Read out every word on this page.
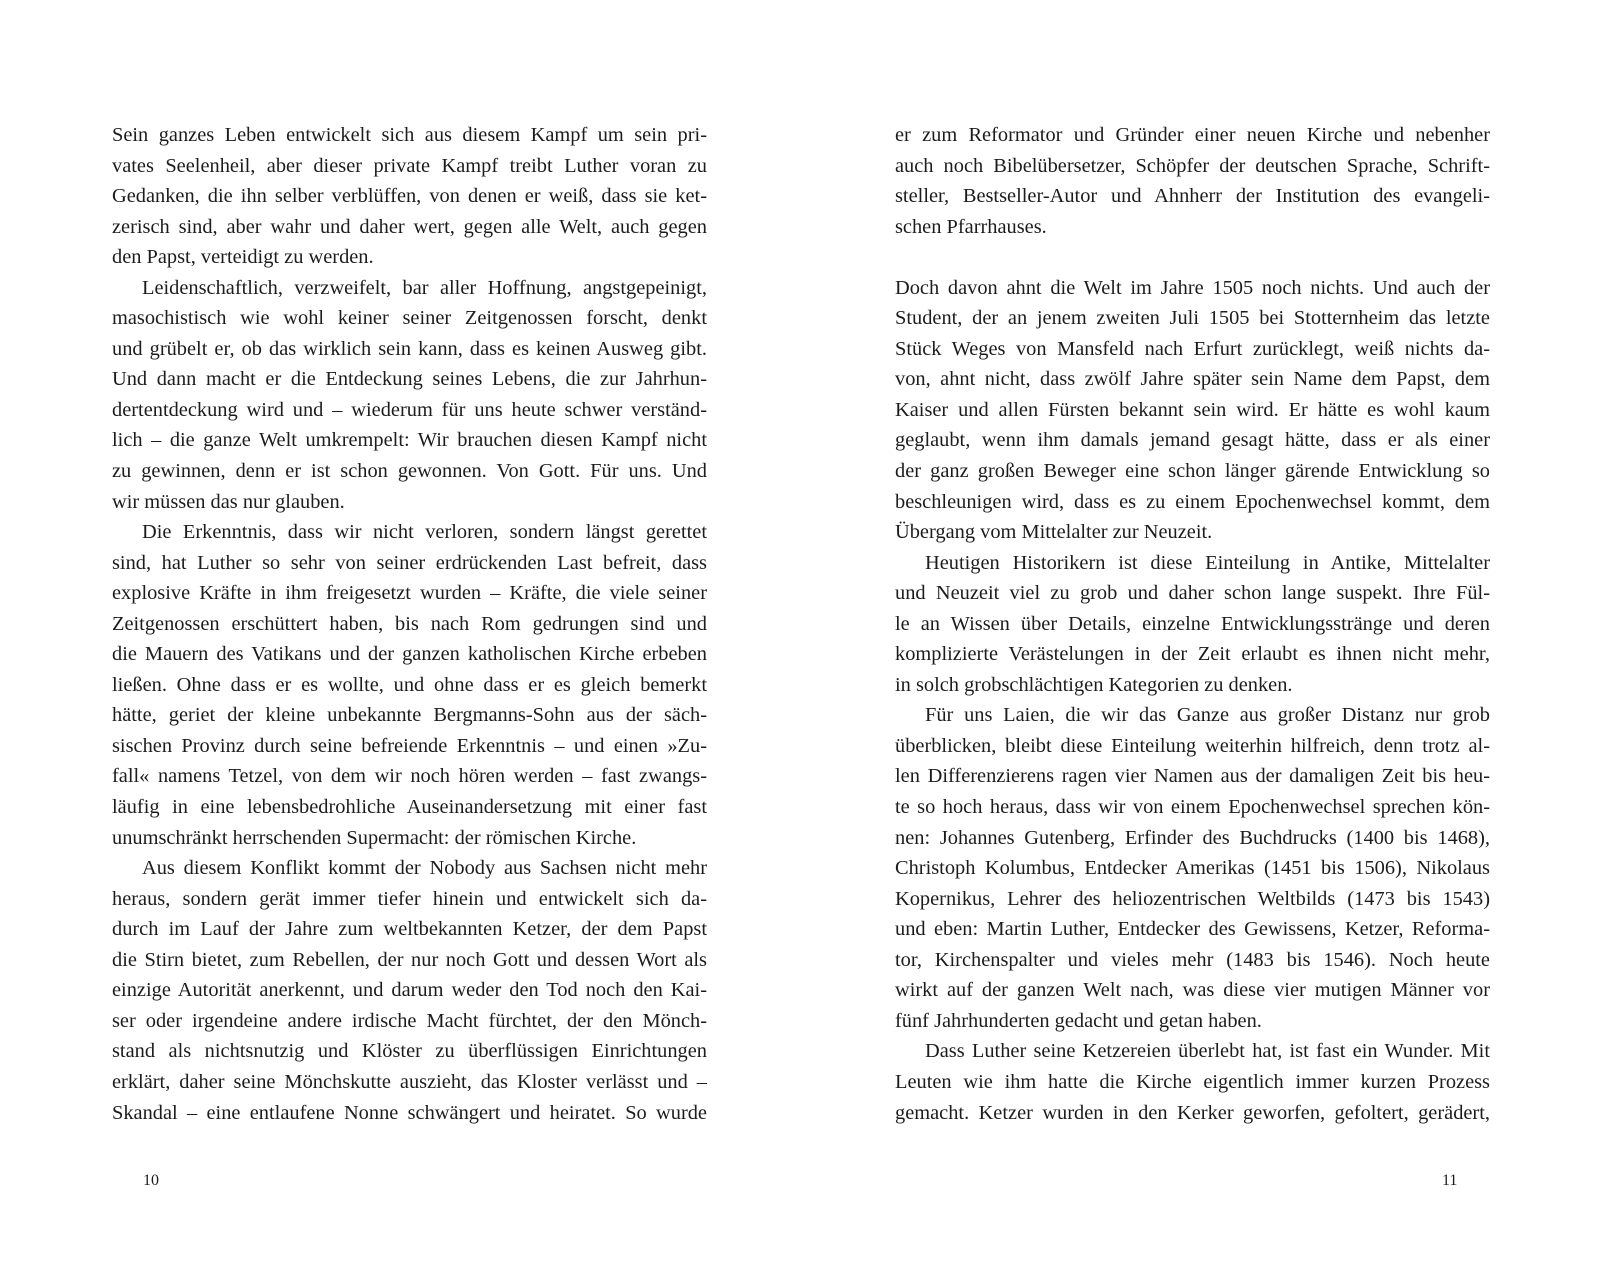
Sein ganzes Leben entwickelt sich aus diesem Kampf um sein pri-
vates Seelenheil, aber dieser private Kampf treibt Luther voran zu
Gedanken, die ihn selber verblüffen, von denen er weiß, dass sie ket-
zerisch sind, aber wahr und daher wert, gegen alle Welt, auch gegen
den Papst, verteidigt zu werden.
Leidenschaftlich, verzweifelt, bar aller Hoffnung, angstgepeinigt,
masochistisch wie wohl keiner seiner Zeitgenossen forscht, denkt
und grübelt er, ob das wirklich sein kann, dass es keinen Ausweg gibt.
Und dann macht er die Entdeckung seines Lebens, die zur Jahrhun-
dertentdeckung wird und – wiederum für uns heute schwer verständ-
lich – die ganze Welt umkrempelt: Wir brauchen diesen Kampf nicht
zu gewinnen, denn er ist schon gewonnen. Von Gott. Für uns. Und
wir müssen das nur glauben.
Die Erkenntnis, dass wir nicht verloren, sondern längst gerettet
sind, hat Luther so sehr von seiner erdrückenden Last befreit, dass
explosive Kräfte in ihm freigesetzt wurden – Kräfte, die viele seiner
Zeitgenossen erschüttert haben, bis nach Rom gedrungen sind und
die Mauern des Vatikans und der ganzen katholischen Kirche erbeben
ließen. Ohne dass er es wollte, und ohne dass er es gleich bemerkt
hätte, geriet der kleine unbekannte Bergmanns-Sohn aus der säch-
sischen Provinz durch seine befreiende Erkenntnis – und einen »Zu-
fall« namens Tetzel, von dem wir noch hören werden – fast zwangs-
läufig in eine lebensbedrohliche Auseinandersetzung mit einer fast
unumschränkt herrschenden Supermacht: der römischen Kirche.
Aus diesem Konflikt kommt der Nobody aus Sachsen nicht mehr
heraus, sondern gerät immer tiefer hinein und entwickelt sich da-
durch im Lauf der Jahre zum weltbekannten Ketzer, der dem Papst
die Stirn bietet, zum Rebellen, der nur noch Gott und dessen Wort als
einzige Autorität anerkennt, und darum weder den Tod noch den Kai-
ser oder irgendeine andere irdische Macht fürchtet, der den Mönch-
stand als nichtsnutzig und Klöster zu überflüssigen Einrichtungen
erklärt, daher seine Mönchskutte auszieht, das Kloster verlässt und –
Skandal – eine entlaufene Nonne schwängert und heiratet. So wurde
10
er zum Reformator und Gründer einer neuen Kirche und nebenher
auch noch Bibelübersetzer, Schöpfer der deutschen Sprache, Schrift-
steller, Bestseller-Autor und Ahnherr der Institution des evangeli-
schen Pfarrhauses.
Doch davon ahnt die Welt im Jahre 1505 noch nichts. Und auch der
Student, der an jenem zweiten Juli 1505 bei Stotternheim das letzte
Stück Weges von Mansfeld nach Erfurt zurücklegt, weiß nichts da-
von, ahnt nicht, dass zwölf Jahre später sein Name dem Papst, dem
Kaiser und allen Fürsten bekannt sein wird. Er hätte es wohl kaum
geglaubt, wenn ihm damals jemand gesagt hätte, dass er als einer
der ganz großen Beweger eine schon länger gärende Entwicklung so
beschleunigen wird, dass es zu einem Epochenwechsel kommt, dem
Übergang vom Mittelalter zur Neuzeit.
Heutigen Historikern ist diese Einteilung in Antike, Mittelalter
und Neuzeit viel zu grob und daher schon lange suspekt. Ihre Fül-
le an Wissen über Details, einzelne Entwicklungsstränge und deren
komplizierte Verästelungen in der Zeit erlaubt es ihnen nicht mehr,
in solch grobschlächtigen Kategorien zu denken.
Für uns Laien, die wir das Ganze aus großer Distanz nur grob
überblicken, bleibt diese Einteilung weiterhin hilfreich, denn trotz al-
len Differenzierens ragen vier Namen aus der damaligen Zeit bis heu-
te so hoch heraus, dass wir von einem Epochenwechsel sprechen kön-
nen: Johannes Gutenberg, Erfinder des Buchdrucks (1400 bis 1468),
Christoph Kolumbus, Entdecker Amerikas (1451 bis 1506), Nikolaus
Kopernikus, Lehrer des heliozentrischen Weltbilds (1473 bis 1543)
und eben: Martin Luther, Entdecker des Gewissens, Ketzer, Reforma-
tor, Kirchenspalter und vieles mehr (1483 bis 1546). Noch heute
wirkt auf der ganzen Welt nach, was diese vier mutigen Männer vor
fünf Jahrhunderten gedacht und getan haben.
Dass Luther seine Ketzereien überlebt hat, ist fast ein Wunder. Mit
Leuten wie ihm hatte die Kirche eigentlich immer kurzen Prozess
gemacht. Ketzer wurden in den Kerker geworfen, gefoltert, gerädert,
11
